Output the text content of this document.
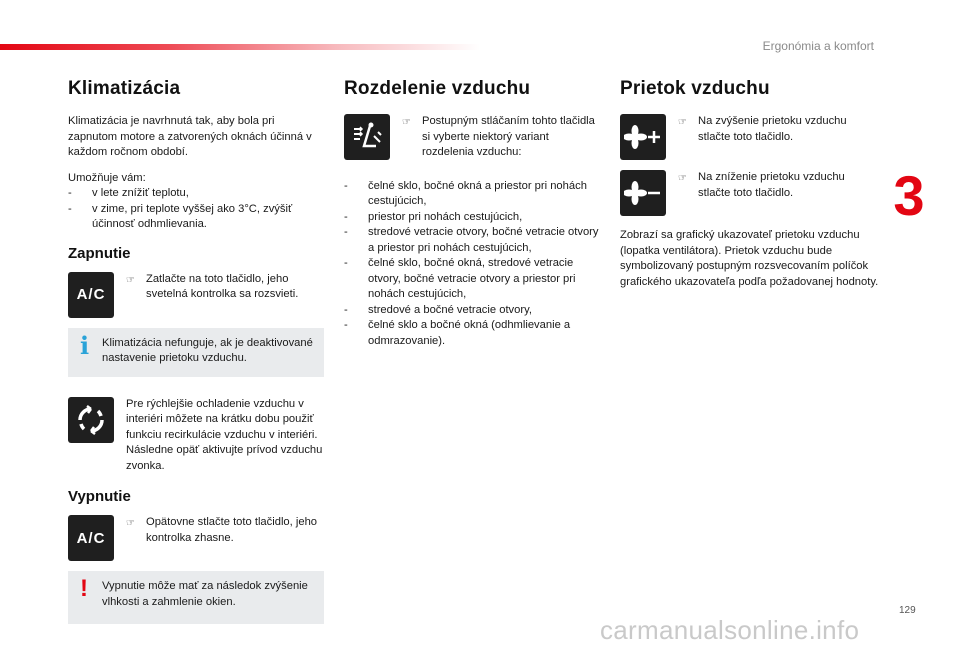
Ergonómia a komfort
3
Klimatizácia

Klimatizácia je navrhnutá tak, aby bola pri zapnutom motore a zatvorených oknách účinná v každom ročnom období.

Umožňuje vám:

- v lete znížiť teplotu,
- v zime, pri teplote vyššej ako 3°C, zvýšiť účinnosť odhmlievania.
Zapnutie
A/C
☞ Zatlačte na toto tlačidlo, jeho svetelná kontrolka sa rozsvieti.
i Klimatizácia nefunguje, ak je deaktivované nastavenie prietoku vzduchu.
Pre rýchlejšie ochladenie vzduchu v interiéri môžete na krátku dobu použiť funkciu recirkulácie vzduchu v interiéri. Následne opäť aktivujte prívod vzduchu zvonka.
Vypnutie
A/C
☞ Opätovne stlačte toto tlačidlo, jeho kontrolka zhasne.
! Vypnutie môže mať za následok zvýšenie vlhkosti a zahmlenie okien.
Rozdelenie vzduchu
☞ Postupným stláčaním tohto tlačidla si vyberte niektorý variant rozdelenia vzduchu:
- čelné sklo, bočné okná a priestor pri nohách cestujúcich,
- priestor pri nohách cestujúcich,
- stredové vetracie otvory, bočné vetracie otvory a priestor pri nohách cestujúcich,
- čelné sklo, bočné okná, stredové vetracie otvory, bočné vetracie otvory a priestor pri nohách cestujúcich,
- stredové a bočné vetracie otvory,
- čelné sklo a bočné okná (odhmlievanie a odmrazovanie).
Prietok vzduchu
☞ Na zvýšenie prietoku vzduchu stlačte toto tlačidlo.
☞ Na zníženie prietoku vzduchu stlačte toto tlačidlo.

Zobrazí sa grafický ukazovateľ prietoku vzduchu (lopatka ventilátora). Prietok vzduchu bude symbolizovaný postupným rozsvecovaním políčok grafického ukazovateľa podľa požadovanej hodnoty.

129
carmanualsonline.info
